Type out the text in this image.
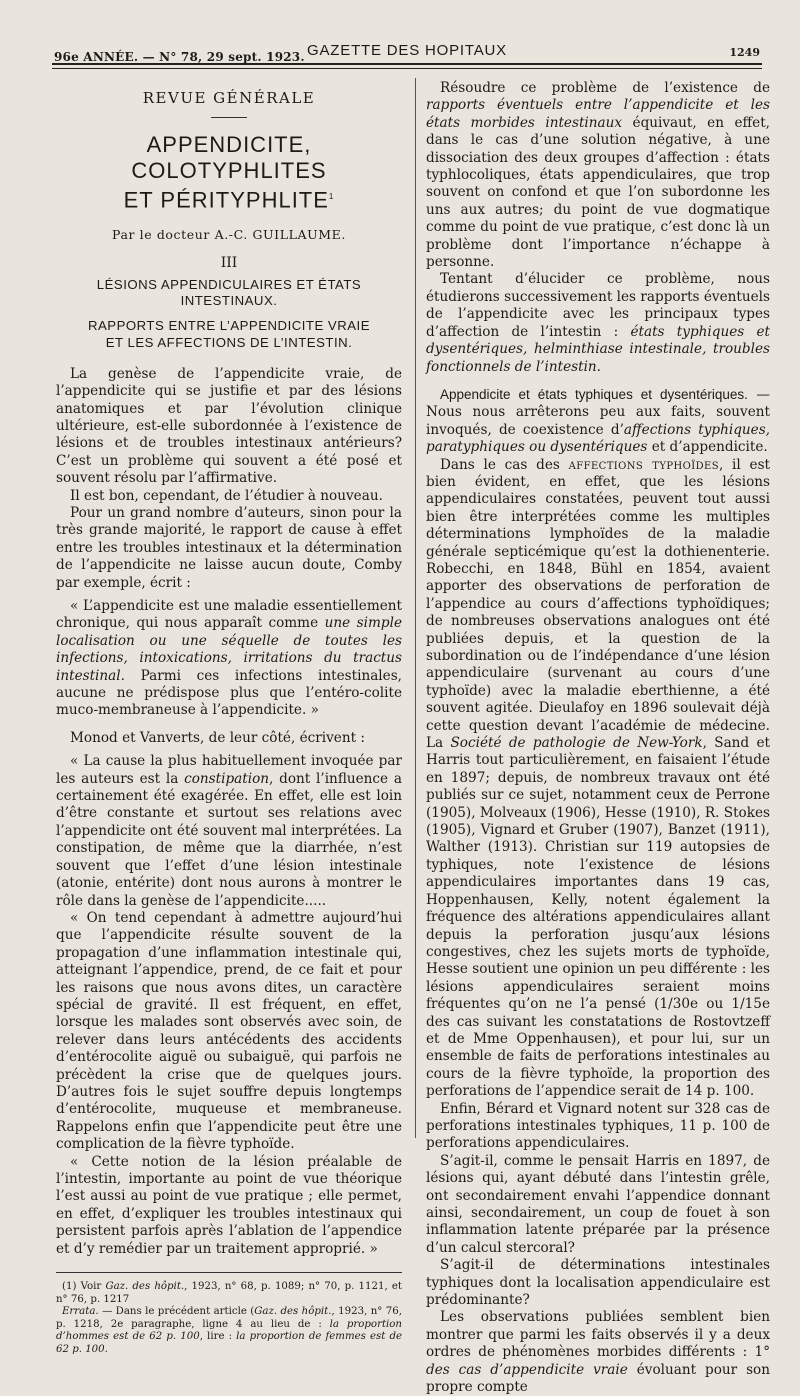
96e ANNÉE. — N° 78, 29 sept. 1923. GAZETTE DES HOPITAUX	1249

REVUE GÉNÉRALE

APPENDICITE, COLOTYPHLITES

ET PÉRITYPHLITE$^1$

Par le docteur A.-C. GUILLAUME.

III

LÉSIONS APPENDICULAIRES ET ÉTATS
INTESTINAUX.

RAPPORTS ENTRE L’APPENDICITE VRAIE
ET LES AFFECTIONS DE L’INTESTIN.

La genèse de l’appendicite vraie, de l’appendicite qui se justifie et par des lésions anatomiques et par l’évolution clinique ultérieure, est-elle subordonnée à l’existence de lésions et de troubles intestinaux antérieurs? C’est un problème qui souvent a été posé et souvent résolu par l’affirmative.

Il est bon, cependant, de l’étudier à nouveau.

Pour un grand nombre d’auteurs, sinon pour la très grande majorité, le rapport de cause à effet entre les troubles intestinaux et la détermination de l’appendicite ne laisse aucun doute, Comby par exemple, écrit :

« L’appendicite est une maladie essentiellement chronique, qui nous apparaît comme une simple localisation ou une séquelle de toutes les infections, intoxications, irritations du tractus intestinal. Parmi ces infections intestinales, aucune ne prédispose plus que l’entéro-colite muco-membraneuse à l’appendicite. »

Monod et Vanverts, de leur côté, écrivent :

« La cause la plus habituellement invoquée par les auteurs est la constipation, dont l’influence a certainement été exagérée. En effet, elle est loin d’être constante et surtout ses relations avec l’appendicite ont été souvent mal interprétées. La constipation, de même que la diarrhée, n’est souvent que l’effet d’une lésion intestinale (atonie, entérite) dont nous aurons à montrer le rôle dans la genèse de l’appendicite.....

« On tend cependant à admettre aujourd’hui que l’appendicite résulte souvent de la propagation d’une inflammation intestinale qui, atteignant l’appendice, prend, de ce fait et pour les raisons que nous avons dites, un caractère spécial de gravité. Il est fréquent, en effet, lorsque les malades sont observés avec soin, de relever dans leurs antécédents des accidents d’entérocolite aiguë ou subaiguë, qui parfois ne précèdent la crise que de quelques jours. D’autres fois le sujet souffre depuis longtemps d’entérocolite, muqueuse et membraneuse. Rappelons enfin que l’appendicite peut être une complication de la fièvre typhoïde.

« Cette notion de la lésion préalable de l’intestin, importante au point de vue théorique l’est aussi au point de vue pratique ; elle permet, en effet, d’expliquer les troubles intestinaux qui persistent parfois après l’ablation de l’appendice et d’y remédier par un traitement approprié. »

(1) Voir Gaz. des hôpit., 1923, n° 68, p. 1089; n° 70, p. 1121, et n° 76, p. 1217

Errata. — Dans le précédent article (Gaz. des hôpit., 1923, n° 76, p. 1218, 2e paragraphe, ligne 4 au lieu de : la proportion d’hommes est de 62 p. 100, lire : la proportion de femmes est de 62 p. 100.

Résoudre ce problème de l’existence de rapports éventuels entre l’appendicite et les états morbides intestinaux équivaut, en effet, dans le cas d’une solution négative, à une dissociation des deux groupes d’affection : états typhlocoliques, états appendiculaires, que trop souvent on confond et que l’on subordonne les uns aux autres; du point de vue dogmatique comme du point de vue pratique, c’est donc là un problème dont l’importance n’échappe à personne.

Tentant d’élucider ce problème, nous étudierons successivement les rapports éventuels de l’appendicite avec les principaux types d’affection de l’intestin : états typhiques et dysentériques, helminthiase intestinale, troubles fonctionnels de l’intestin.

Appendicite et états typhiques et dysentériques. — Nous nous arrêterons peu aux faits, souvent invoqués, de coexistence d’affections typhiques, paratyphiques ou dysentériques et d’appendicite.

Dans le cas des affections typhoïdes, il est bien évident, en effet, que les lésions appendiculaires constatées, peuvent tout aussi bien être interprétées comme les multiples déterminations lymphoïdes de la maladie générale septicémique qu’est la dothienenterie. Robecchi, en 1848, Bühl en 1854, avaient apporter des observations de perforation de l’appendice au cours d’affections typhoïdiques; de nombreuses observations analogues ont été publiées depuis, et la question de la subordination ou de l’indépendance d’une lésion appendiculaire (survenant au cours d’une typhoïde) avec la maladie eberthienne, a été souvent agitée. Dieulafoy en 1896 soulevait déjà cette question devant l’académie de médecine. La Société de pathologie de New-York, Sand et Harris tout particulièrement, en faisaient l’étude en 1897; depuis, de nombreux travaux ont été publiés sur ce sujet, notamment ceux de Perrone (1905), Molveaux (1906), Hesse (1910), R. Stokes (1905), Vignard et Gruber (1907), Banzet (1911), Walther (1913). Christian sur 119 autopsies de typhiques, note l’existence de lésions appendiculaires importantes dans 19 cas, Hoppenhausen, Kelly, notent également la fréquence des altérations appendiculaires allant depuis la perforation jusqu’aux lésions congestives, chez les sujets morts de typhoïde, Hesse soutient une opinion un peu différente : les lésions appendiculaires seraient moins fréquentes qu’on ne l’a pensé (1/30e ou 1/15e des cas suivant les constatations de Rostovtzeff et de Mme Oppenhausen), et pour lui, sur un ensemble de faits de perforations intestinales au cours de la fièvre typhoïde, la proportion des perforations de l’appendice serait de 14 p. 100.

Enfin, Bérard et Vignard notent sur 328 cas de perforations intestinales typhiques, 11 p. 100 de perforations appendiculaires.

S’agit-il, comme le pensait Harris en 1897, de lésions qui, ayant débuté dans l’intestin grêle, ont secondairement envahi l’appendice donnant ainsi, secondairement, un coup de fouet à son inflammation latente préparée par la présence d’un calcul stercoral?

S’agit-il de déterminations intestinales typhiques dont la localisation appendiculaire est prédominante?

Les observations publiées semblent bien montrer que parmi les faits observés il y a deux ordres de phénomènes morbides différents : 1° des cas d’appendicite vraie évoluant pour son propre compte
